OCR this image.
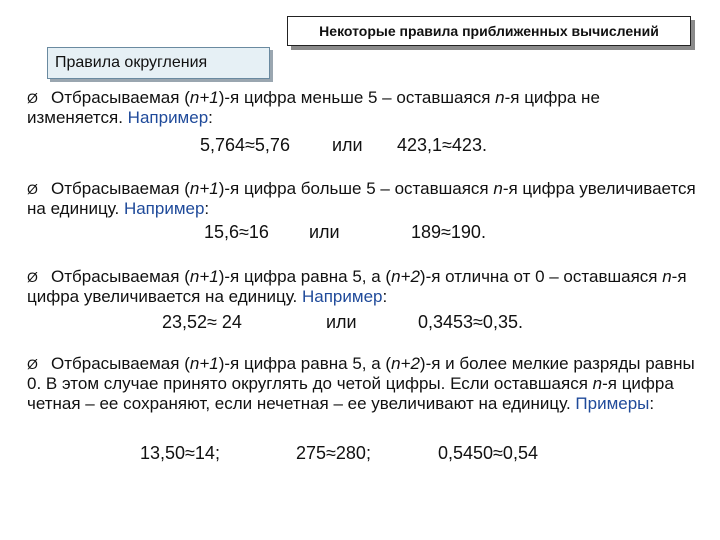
Некоторые правила приближенных вычислений
Правила округления
Ø Отбрасываемая (n+1)-я цифра меньше 5 – оставшаяся n-я цифра не изменяется. Например:
5,764≈5,76 или 423,1≈423.
Ø Отбрасываемая (n+1)-я цифра больше 5 – оставшаяся n-я цифра увеличивается на единицу. Например:
15,6≈16 или	189≈190.
Ø Отбрасываемая (n+1)-я цифра равна 5, а (n+2)-я отлична от 0 – оставшаяся n-я цифра увеличивается на единицу. Например:
23,52≈ 24	или	0,3453≈0,35.
Ø Отбрасываемая (n+1)-я цифра равна 5, а (n+2)-я и более мелкие разряды равны 0. В этом случае принято округлять до четой цифры. Если оставшаяся n-я цифра четная – ее сохраняют, если нечетная – ее увеличивают на единицу. Примеры:
13,50≈14;	275≈280;	0,5450≈0,54
